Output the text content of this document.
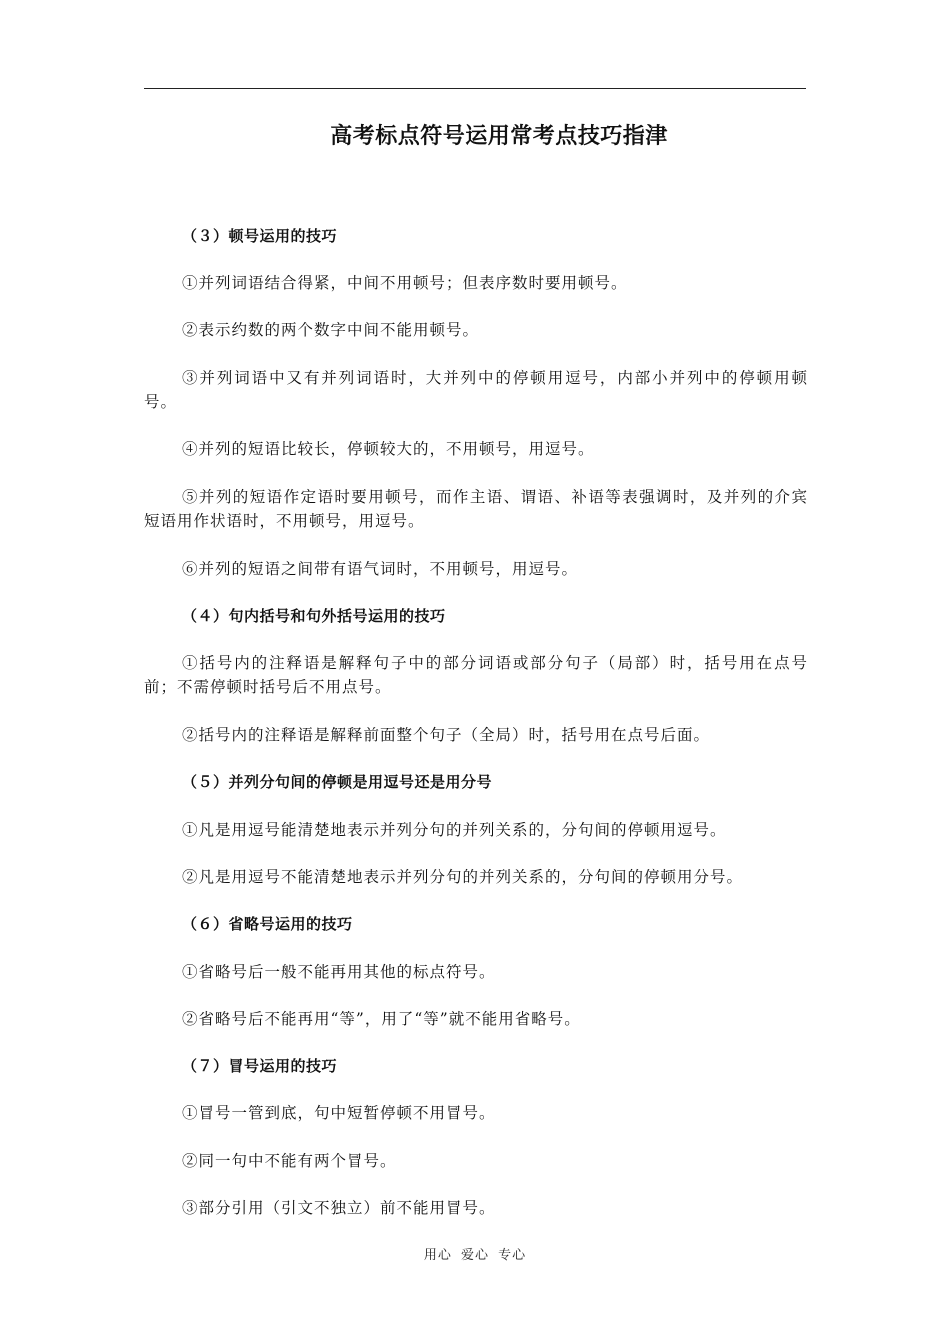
高考标点符号运用常考点技巧指津

（３）顿号运用的技巧

①并列词语结合得紧，中间不用顿号；但表序数时要用顿号。

②表示约数的两个数字中间不能用顿号。

③并列词语中又有并列词语时，大并列中的停顿用逗号，内部小并列中的停顿用顿号。

④并列的短语比较长，停顿较大的，不用顿号，用逗号。

⑤并列的短语作定语时要用顿号，而作主语、谓语、补语等表强调时，及并列的介宾短语用作状语时，不用顿号，用逗号。

⑥并列的短语之间带有语气词时，不用顿号，用逗号。

（４）句内括号和句外括号运用的技巧

①括号内的注释语是解释句子中的部分词语或部分句子（局部）时，括号用在点号前；不需停顿时括号后不用点号。

②括号内的注释语是解释前面整个句子（全局）时，括号用在点号后面。

（５）并列分句间的停顿是用逗号还是用分号

①凡是用逗号能清楚地表示并列分句的并列关系的，分句间的停顿用逗号。

②凡是用逗号不能清楚地表示并列分句的并列关系的，分句间的停顿用分号。

（６）省略号运用的技巧

①省略号后一般不能再用其他的标点符号。

②省略号后不能再用“等”，用了“等”就不能用省略号。

（７）冒号运用的技巧

①冒号一管到底，句中短暂停顿不用冒号。

②同一句中不能有两个冒号。

③部分引用（引文不独立）前不能用冒号。

用心 爱心 专心
